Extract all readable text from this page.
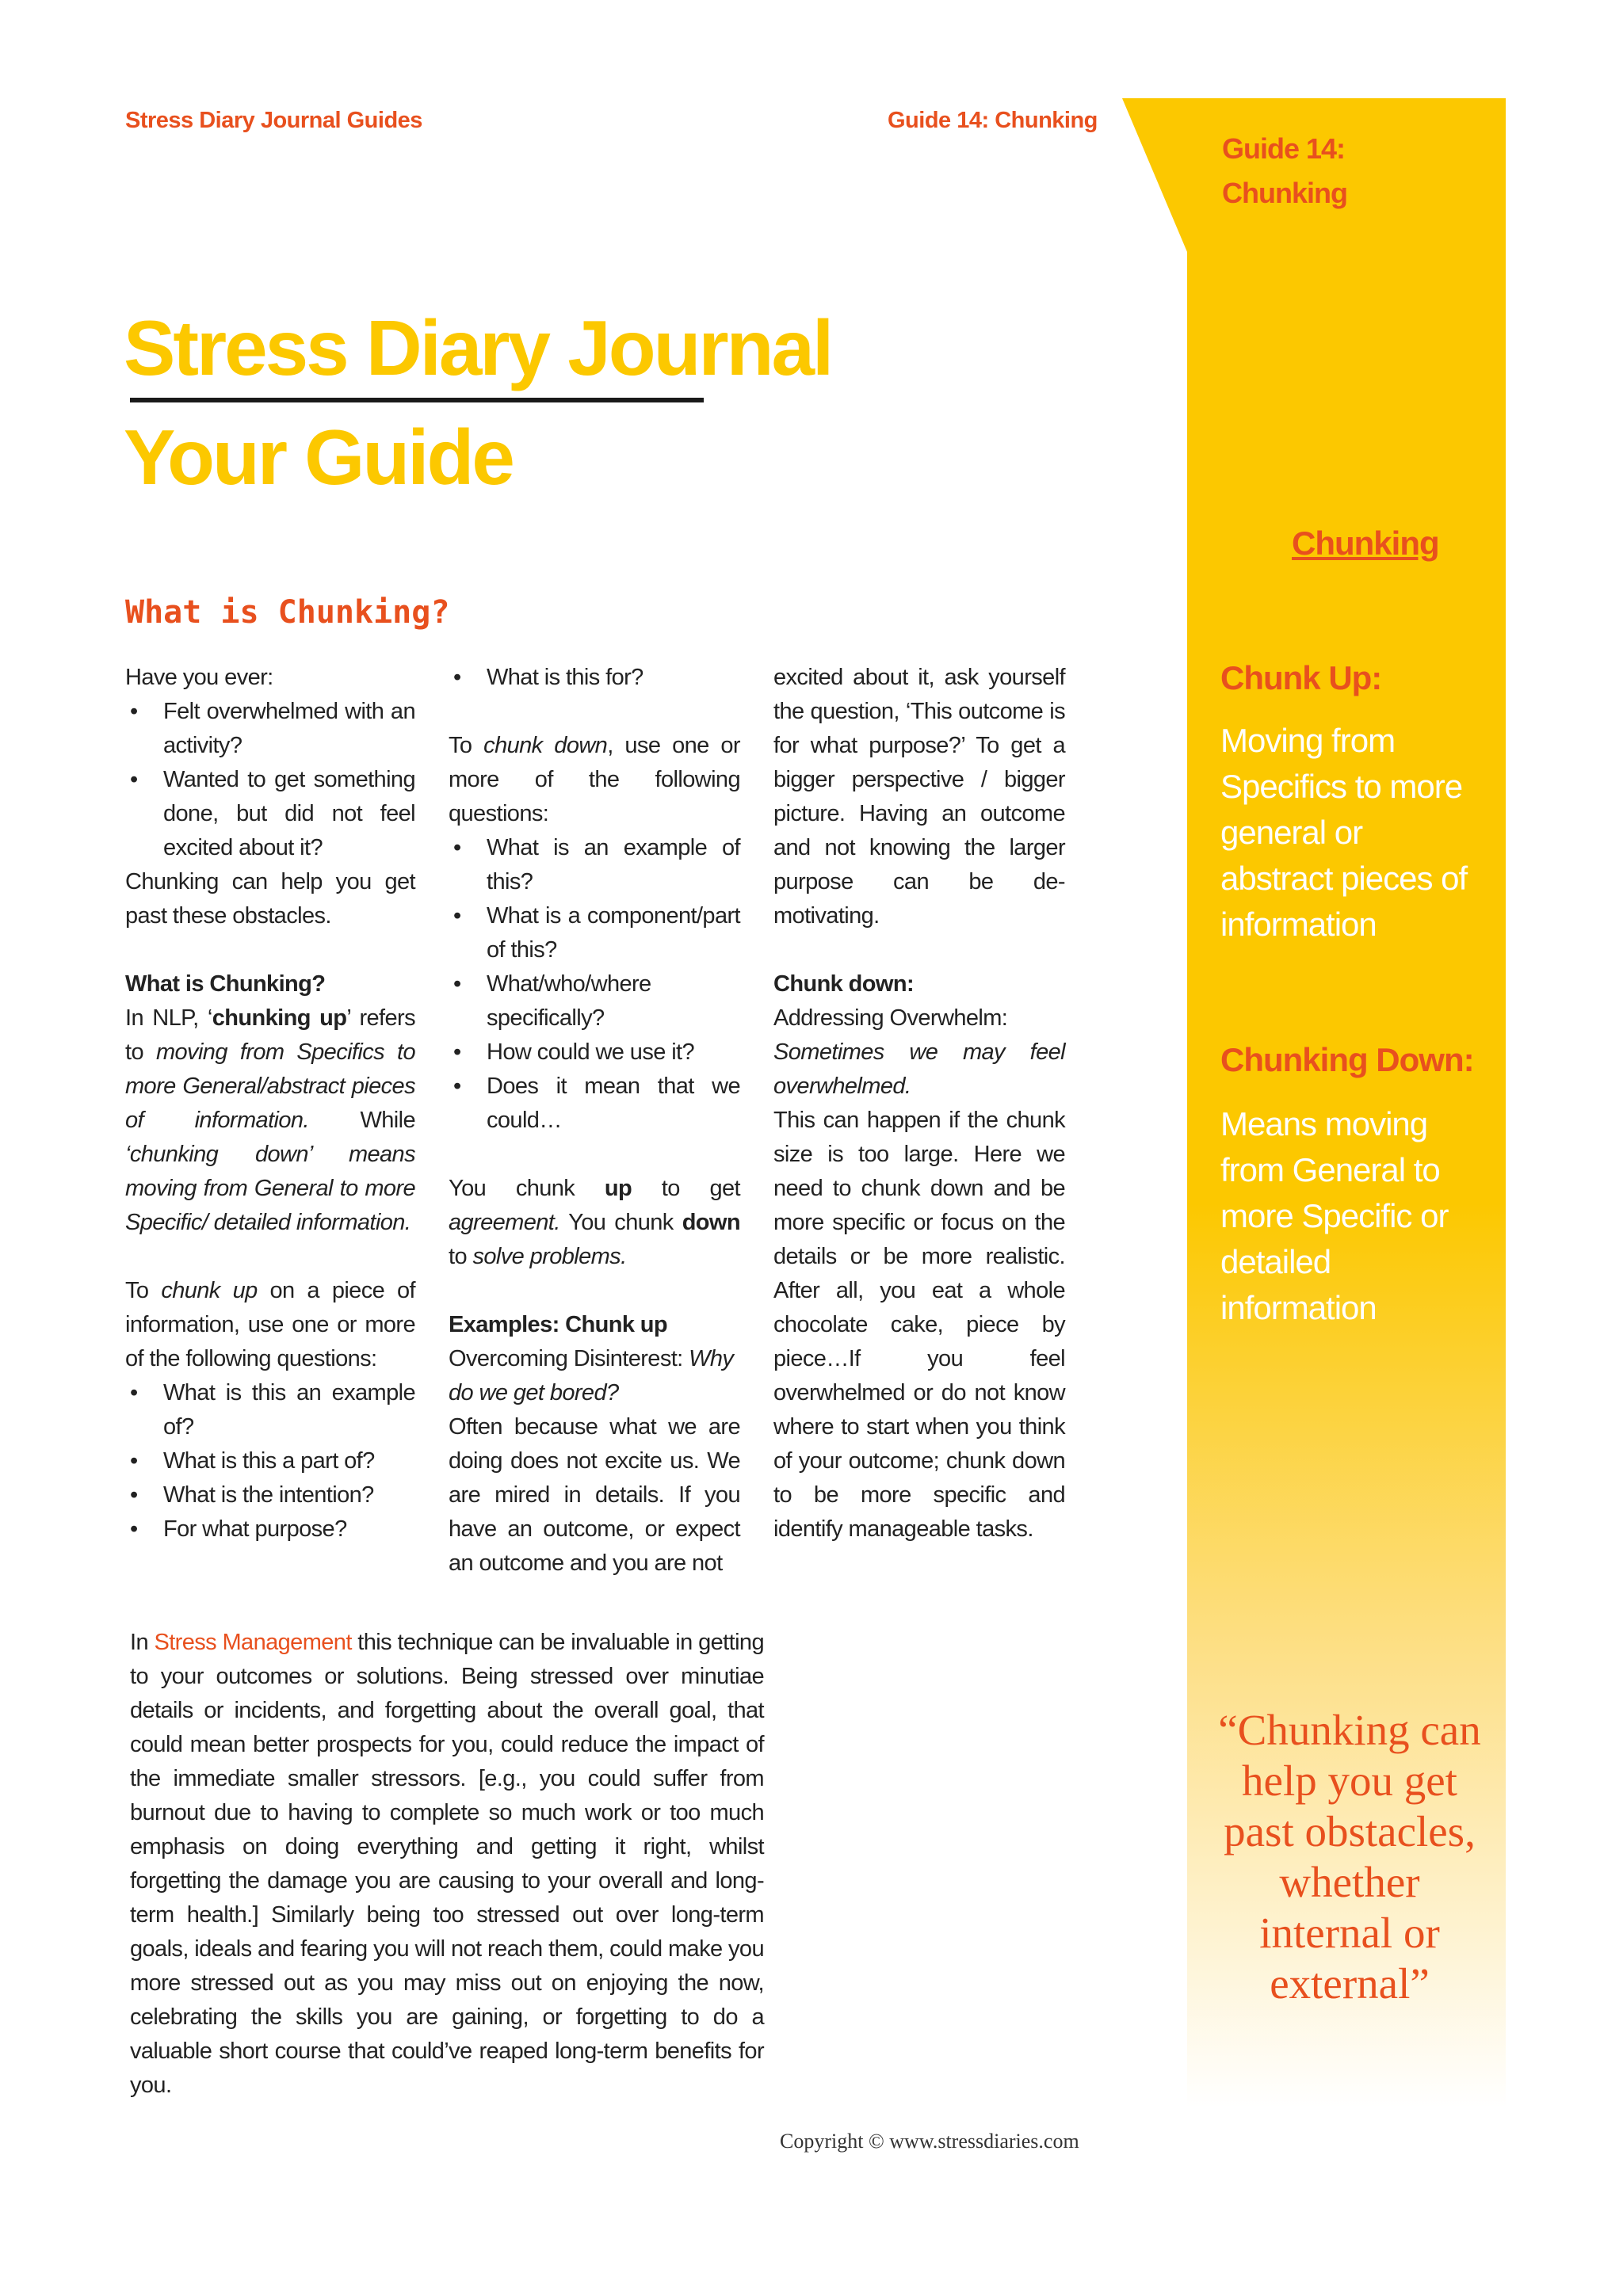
Stress Diary Journal Guides	Guide 14: Chunking
Guide 14:
Chunking
Chunking
Chunk Up:
Moving from Specifics to more general or abstract pieces of information
Chunking Down:
Means moving from General to more Specific or detailed information
“Chunking can help you get past obstacles, whether internal or external”
Stress Diary Journal
Your Guide
What is Chunking?

Have you ever:

• Felt overwhelmed with an activity?
• Wanted to get something done, but did not feel excited about it?

Chunking can help you get past these obstacles.

What is Chunking?

In NLP, ‘chunking up’ refers to moving from Specifics to more General/abstract pieces of information. While ‘chunking down’ means moving from General to more Specific/ detailed information.

To chunk up on a piece of information, use one or more of the following questions:

• What is this an example of?
• What is this a part of?
• What is the intention?
• For what purpose?
• What is this for?

To chunk down, use one or more of the following questions:

• What is an example of this?
• What is a component/part of this?
• What/who/where specifically?
• How could we use it?
• Does it mean that we could…

You chunk up to get agreement. You chunk down to solve problems.

Examples: Chunk up

Overcoming Disinterest: Why do we get bored?

Often because what we are doing does not excite us. We are mired in details. If you have an outcome, or expect an outcome and you are not

excited about it, ask yourself the question, ‘This outcome is for what purpose?’ To get a bigger perspective / bigger picture. Having an outcome and not knowing the larger purpose can be de-motivating.

Chunk down:

Addressing Overwhelm:

Sometimes we may feel overwhelmed.

This can happen if the chunk size is too large. Here we need to chunk down and be more specific or focus on the details or be more realistic. After all, you eat a whole chocolate cake, piece by piece…If you feel overwhelmed or do not know where to start when you think of your outcome; chunk down to be more specific and identify manageable tasks.

In Stress Management this technique can be invaluable in getting to your outcomes or solutions. Being stressed over minutiae details or incidents, and forgetting about the overall goal, that could mean better prospects for you, could reduce the impact of the immediate smaller stressors. [e.g., you could suffer from burnout due to having to complete so much work or too much emphasis on doing everything and getting it right, whilst forgetting the damage you are causing to your overall and long-term health.] Similarly being too stressed out over long-term goals, ideals and fearing you will not reach them, could make you more stressed out as you may miss out on enjoying the now, celebrating the skills you are gaining, or forgetting to do a valuable short course that could’ve reaped long-term benefits for you.
Copyright © www.stressdiaries.com
